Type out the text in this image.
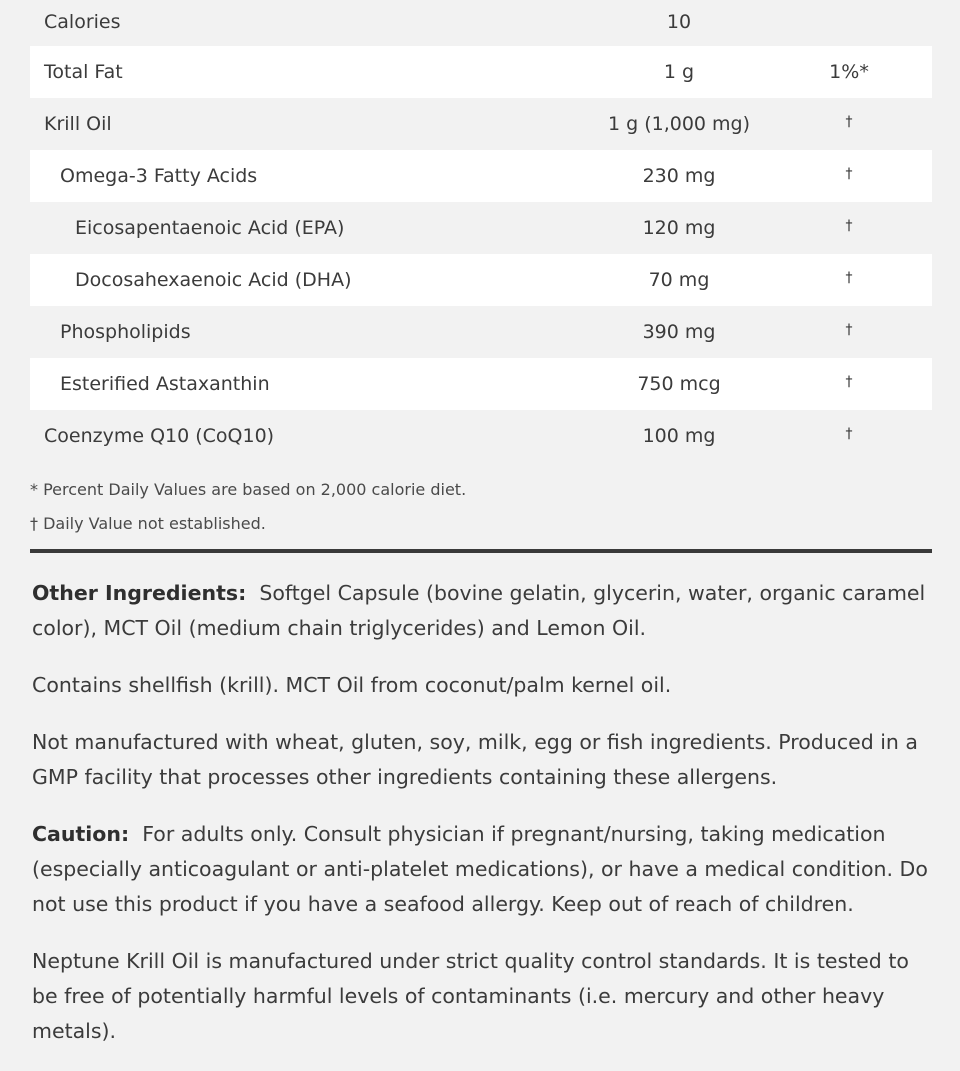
Calories	10
Total Fat	1 g	1%*
Krill Oil	1 g (1,000 mg)	†
Omega-3 Fatty Acids	230 mg	†
Eicosapentaenoic Acid (EPA)	120 mg	†
Docosahexaenoic Acid (DHA)	70 mg	†
Phospholipids	390 mg	†
Esterified Astaxanthin	750 mcg	†
Coenzyme Q10 (CoQ10)	100 mg	†
* Percent Daily Values are based on 2,000 calorie diet.
† Daily Value not established.

Other Ingredients: Softgel Capsule (bovine gelatin, glycerin, water, organic caramel color), MCT Oil (medium chain triglycerides) and Lemon Oil.

Contains shellfish (krill). MCT Oil from coconut/palm kernel oil.

Not manufactured with wheat, gluten, soy, milk, egg or fish ingredients. Produced in a GMP facility that processes other ingredients containing these allergens.

Caution: For adults only. Consult physician if pregnant/nursing, taking medication (especially anticoagulant or anti-platelet medications), or have a medical condition. Do not use this product if you have a seafood allergy. Keep out of reach of children.

Neptune Krill Oil is manufactured under strict quality control standards. It is tested to be free of potentially harmful levels of contaminants (i.e. mercury and other heavy metals).
